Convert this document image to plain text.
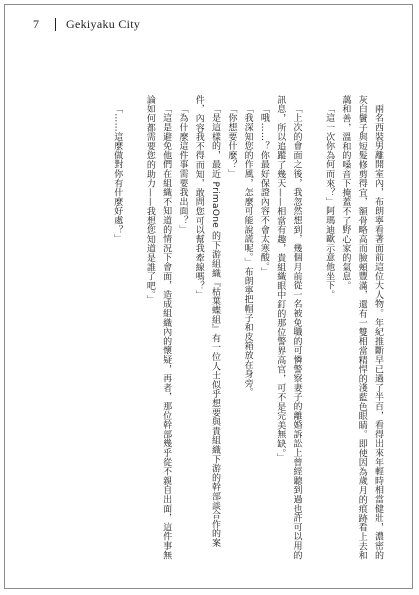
7 Gekiyaku City

兩名西裝男離開室內，布朗寧看著面前這位大人物。年紀推斷早已過了半百，看得出來年輕時相當健壯，濃密的灰白鬢子與短髮修剪得宜，額骨略高而臉頰豐滿，還有一雙相當精悍的淺藍色眼睛。即使因為歲月的痕跡看上去和藹和善，溫和的嗓音下掩蓋不了野心家的氣息。

「這一次你為何而來？」阿瑪迪歐示意他坐下。

「上次的會面之後，我忽然想到，幾個月前從一名被免職的可憐警察妻子的離婚訴訟上曾經聽到過也許可以用的訊息，所以追蹤了幾天——相當有趣，貴組織眼中釘的那位警界高官，可不是完美無缺。」

「哦……？你最好保證內容不會太寒酸。」

「我深知您的作風，怎麼可能說謊呢。」布朗寧把帽子和皮箱放在身旁。

「你想要什麼？」

「是這樣的，最近 PrimaOne 的下游組織『枯葉蝶組』有一位人士似乎想要與貴組織下游的幹部談合作的案件，內容我不得而知，敢問您可以幫我牽線嗎？」

「為什麼這件事需要我出面？」

「這是避免他們在組織不知道的情況下會面，造成組織內的懷疑，再者，那位幹部幾乎從不親自出面，這件事無論如何都需要您的助力——我想您知道是誰了吧。」

「……這麼做對你有什麼好處？」
